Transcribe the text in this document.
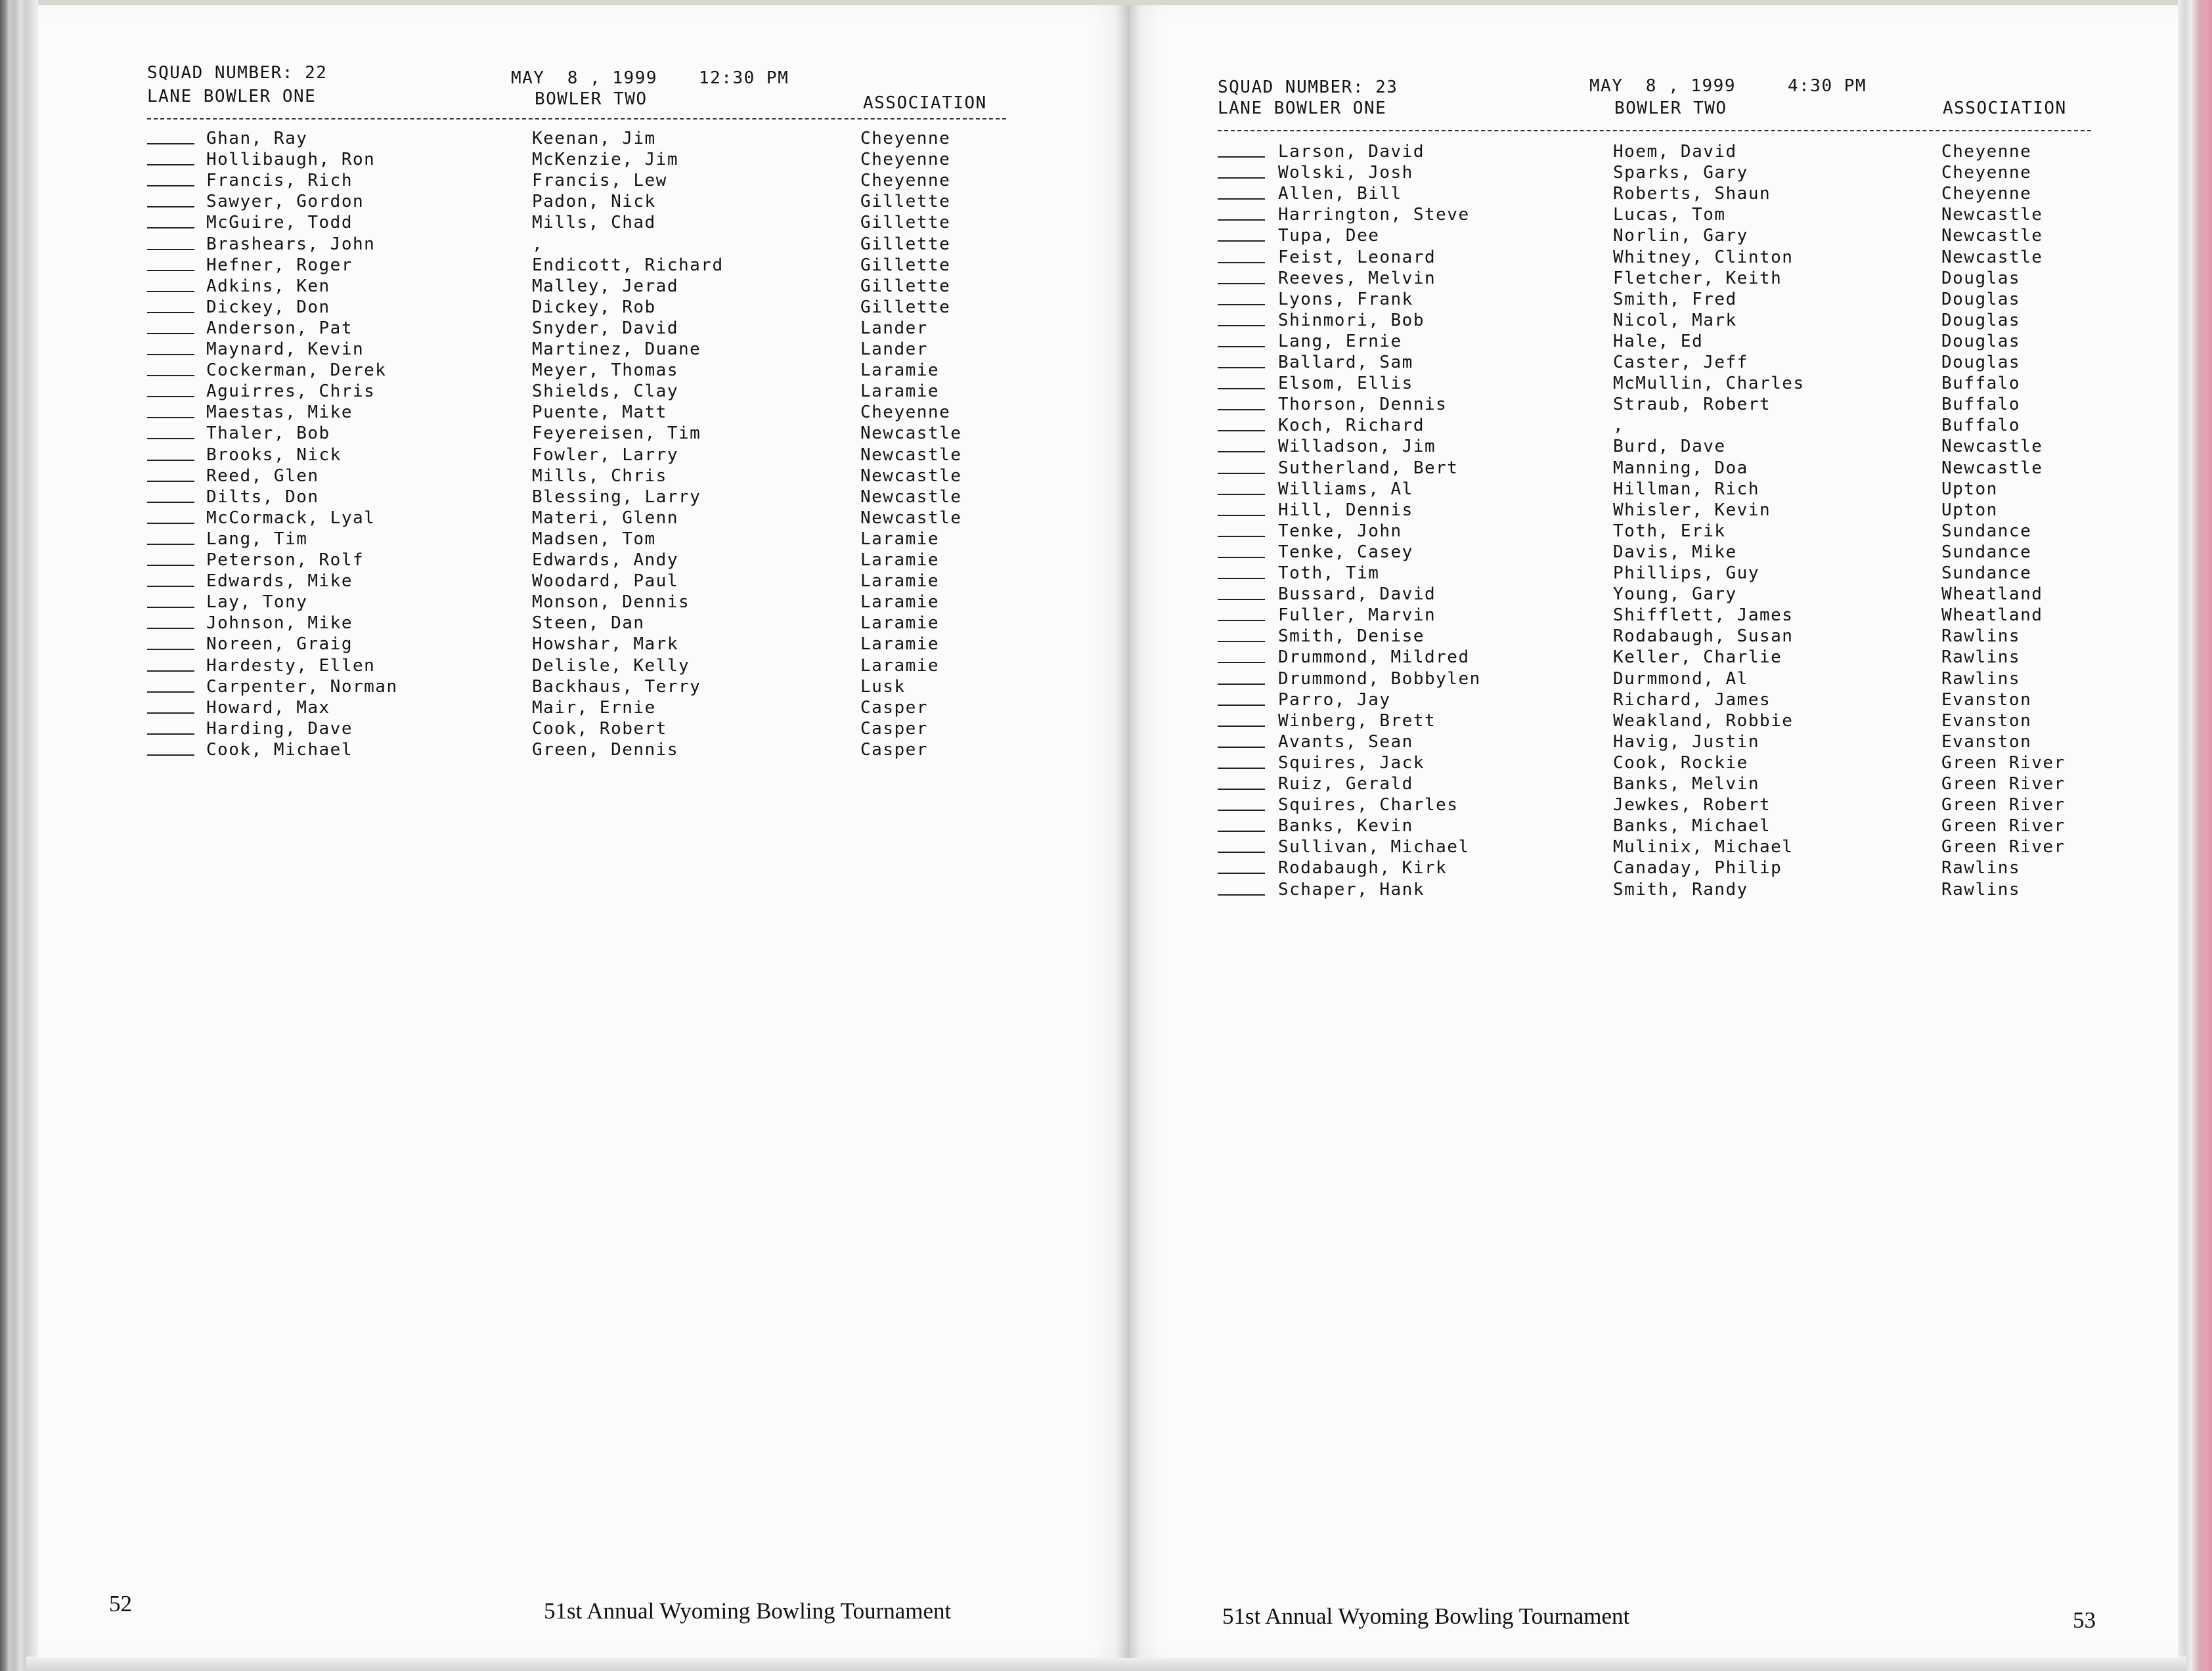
SQUAD NUMBER: 22	MAY  8 , 1999 12:30 PM
LANE BOWLER ONE	BOWLER TWO	ASSOCIATION
Ghan, Ray	Keenan, Jim	Cheyenne
Hollibaugh, Ron	McKenzie, Jim	Cheyenne
Francis, Rich	Francis, Lew	Cheyenne
Sawyer, Gordon	Padon, Nick	Gillette
McGuire, Todd	Mills, Chad	Gillette
Brashears, John	,	Gillette
Hefner, Roger	Endicott, Richard	Gillette
Adkins, Ken	Malley, Jerad	Gillette
Dickey, Don	Dickey, Rob	Gillette
Anderson, Pat	Snyder, David	Lander
Maynard, Kevin	Martinez, Duane	Lander
Cockerman, Derek	Meyer, Thomas	Laramie
Aguirres, Chris	Shields, Clay	Laramie
Maestas, Mike	Puente, Matt	Cheyenne
Thaler, Bob	Feyereisen, Tim	Newcastle
Brooks, Nick	Fowler, Larry	Newcastle
Reed, Glen	Mills, Chris	Newcastle
Dilts, Don	Blessing, Larry	Newcastle
McCormack, Lyal	Materi, Glenn	Newcastle
Lang, Tim	Madsen, Tom	Laramie
Peterson, Rolf	Edwards, Andy	Laramie
Edwards, Mike	Woodard, Paul	Laramie
Lay, Tony	Monson, Dennis	Laramie
Johnson, Mike	Steen, Dan	Laramie
Noreen, Graig	Howshar, Mark	Laramie
Hardesty, Ellen	Delisle, Kelly	Laramie
Carpenter, Norman	Backhaus, Terry	Lusk
Howard, Max	Mair, Ernie	Casper
Harding, Dave	Cook, Robert	Casper
Cook, Michael	Green, Dennis	Casper
52	51st Annual Wyoming Bowling Tournament
SQUAD NUMBER: 23	MAY  8 , 1999	4:30 PM
LANE BOWLER ONE	BOWLER TWO	ASSOCIATION
Larson, David	Hoem, David	Cheyenne
Wolski, Josh	Sparks, Gary	Cheyenne
Allen, Bill	Roberts, Shaun	Cheyenne
Harrington, Steve	Lucas, Tom	Newcastle
Tupa, Dee	Norlin, Gary	Newcastle
Feist, Leonard	Whitney, Clinton	Newcastle
Reeves, Melvin	Fletcher, Keith	Douglas
Lyons, Frank	Smith, Fred	Douglas
Shinmori, Bob	Nicol, Mark	Douglas
Lang, Ernie	Hale, Ed	Douglas
Ballard, Sam	Caster, Jeff	Douglas
Elsom, Ellis	McMullin, Charles	Buffalo
Thorson, Dennis	Straub, Robert	Buffalo
Koch, Richard	,	Buffalo
Willadson, Jim	Burd, Dave	Newcastle
Sutherland, Bert	Manning, Doa	Newcastle
Williams, Al	Hillman, Rich	Upton
Hill, Dennis	Whisler, Kevin	Upton
Tenke, John	Toth, Erik	Sundance
Tenke, Casey	Davis, Mike	Sundance
Toth, Tim	Phillips, Guy	Sundance
Bussard, David	Young, Gary	Wheatland
Fuller, Marvin	Shifflett, James	Wheatland
Smith, Denise	Rodabaugh, Susan	Rawlins
Drummond, Mildred	Keller, Charlie	Rawlins
Drummond, Bobbylen	Durmmond, Al	Rawlins
Parro, Jay	Richard, James	Evanston
Winberg, Brett	Weakland, Robbie	Evanston
Avants, Sean	Havig, Justin	Evanston
Squires, Jack	Cook, Rockie	Green River
Ruiz, Gerald	Banks, Melvin	Green River
Squires, Charles	Jewkes, Robert	Green River
Banks, Kevin	Banks, Michael	Green River
Sullivan, Michael	Mulinix, Michael	Green River
Rodabaugh, Kirk	Canaday, Philip	Rawlins
Schaper, Hank	Smith, Randy	Rawlins
51st Annual Wyoming Bowling Tournament	53
